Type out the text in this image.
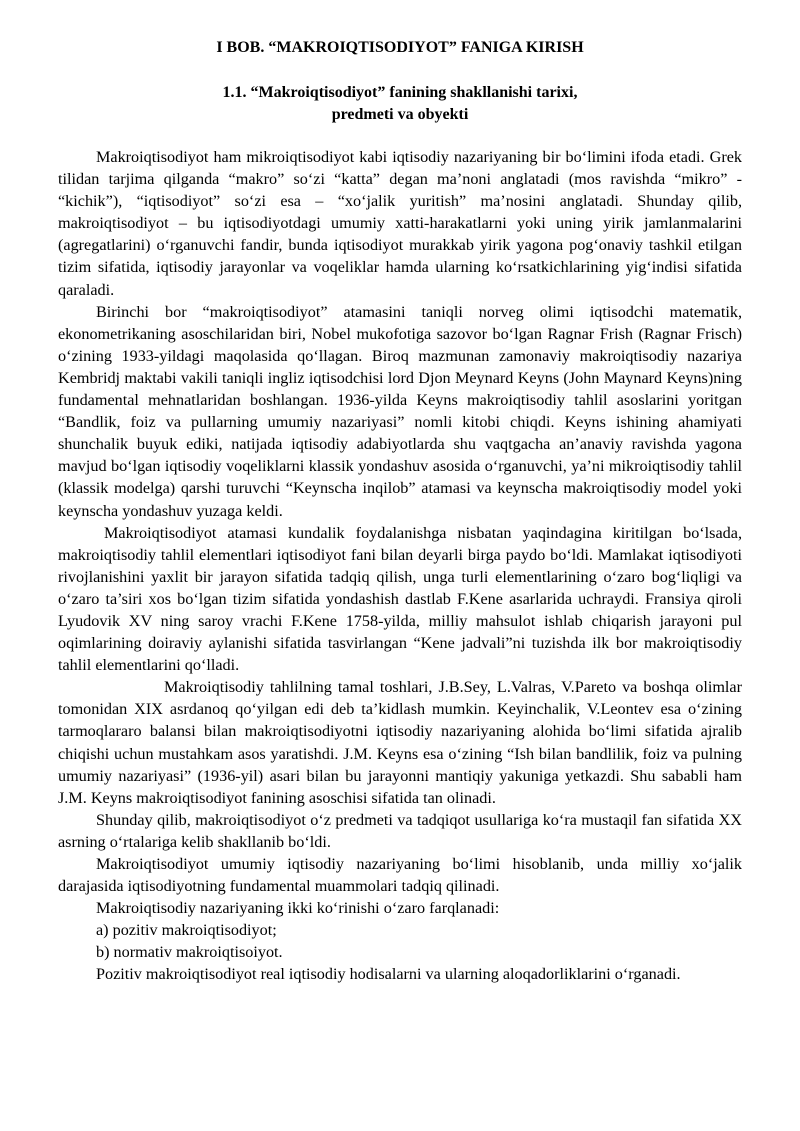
I BOB. “MAKROIQTISODIYOT” FANIGA KIRISH
1.1. “Makroiqtisodiyot” fanining shakllanishi tarixi,
predmeti va obyekti

Makroiqtisodiyot ham mikroiqtisodiyot kabi iqtisodiy nazariyaning bir bo‘limini ifoda etadi. Grek tilidan tarjima qilganda “makro” so‘zi “katta” degan ma’noni anglatadi (mos ravishda “mikro” - “kichik”), “iqtisodiyot” so‘zi esa – “xo‘jalik yuritish” ma’nosini anglatadi. Shunday qilib, makroiqtisodiyot – bu iqtisodiyotdagi umumiy xatti-harakatlarni yoki uning yirik jamlanmalarini (agregatlarini) o‘rganuvchi fandir, bunda iqtisodiyot murakkab yirik yagona pog‘onaviy tashkil etilgan tizim sifatida, iqtisodiy jarayonlar va voqeliklar hamda ularning ko‘rsatkichlarining yig‘indisi sifatida qaraladi.

Birinchi bor “makroiqtisodiyot” atamasini taniqli norveg olimi iqtisodchi matematik, ekonometrikaning asoschilaridan biri, Nobel mukofotiga sazovor bo‘lgan Ragnar Frish (Ragnar Frisch) o‘zining 1933-yildagi maqolasida qo‘llagan. Biroq mazmunan zamonaviy makroiqtisodiy nazariya Kembridj maktabi vakili taniqli ingliz iqtisodchisi lord Djon Meynard Keyns (John Maynard Keyns)ning fundamental mehnatlaridan boshlangan. 1936-yilda Keyns makroiqtisodiy tahlil asoslarini yoritgan “Bandlik, foiz va pullarning umumiy nazariyasi” nomli kitobi chiqdi. Keyns ishining ahamiyati shunchalik buyuk ediki, natijada iqtisodiy adabiyotlarda shu vaqtgacha an’anaviy ravishda yagona mavjud bo‘lgan iqtisodiy voqeliklarni klassik yondashuv asosida o‘rganuvchi, ya’ni mikroiqtisodiy tahlil (klassik modelga) qarshi turuvchi “Keynscha inqilob” atamasi va keynscha makroiqtisodiy model yoki keynscha yondashuv yuzaga keldi.

Makroiqtisodiyot atamasi kundalik foydalanishga nisbatan yaqindagina kiritilgan bo‘lsada, makroiqtisodiy tahlil elementlari iqtisodiyot fani bilan deyarli birga paydo bo‘ldi. Mamlakat iqtisodiyoti rivojlanishini yaxlit bir jarayon sifatida tadqiq qilish, unga turli elementlarining o‘zaro bog‘liqligi va o‘zaro ta’siri xos bo‘lgan tizim sifatida yondashish dastlab F.Kene asarlarida uchraydi. Fransiya qiroli Lyudovik XV ning saroy vrachi F.Kene 1758-yilda, milliy mahsulot ishlab chiqarish jarayoni pul oqimlarining doiraviy aylanishi sifatida tasvirlangan “Kene jadvali”ni tuzishda ilk bor makroiqtisodiy tahlil elementlarini qo‘lladi.

Makroiqtisodiy tahlilning tamal toshlari, J.B.Sey, L.Valras, V.Pareto va boshqa olimlar tomonidan XIX asrdanoq qo‘yilgan edi deb ta’kidlash mumkin. Keyinchalik, V.Leontev esa o‘zining tarmoqlararo balansi bilan makroiqtisodiyotni iqtisodiy nazariyaning alohida bo‘limi sifatida ajralib chiqishi uchun mustahkam asos yaratishdi. J.M. Keyns esa o‘zining “Ish bilan bandlilik, foiz va pulning umumiy nazariyasi” (1936-yil) asari bilan bu jarayonni mantiqiy yakuniga yetkazdi. Shu sababli ham J.M. Keyns makroiqtisodiyot fanining asoschisi sifatida tan olinadi.

Shunday qilib, makroiqtisodiyot o‘z predmeti va tadqiqot usullariga ko‘ra mustaqil fan sifatida XX asrning o‘rtalariga kelib shakllanib bo‘ldi.

Makroiqtisodiyot umumiy iqtisodiy nazariyaning bo‘limi hisoblanib, unda milliy xo‘jalik darajasida iqtisodiyotning fundamental muammolari tadqiq qilinadi.

Makroiqtisodiy nazariyaning ikki ko‘rinishi o‘zaro farqlanadi:

a) pozitiv makroiqtisodiyot;

b) normativ makroiqtisoiyot.

Pozitiv makroiqtisodiyot real iqtisodiy hodisalarni va ularning aloqadorliklarini o‘rganadi.
